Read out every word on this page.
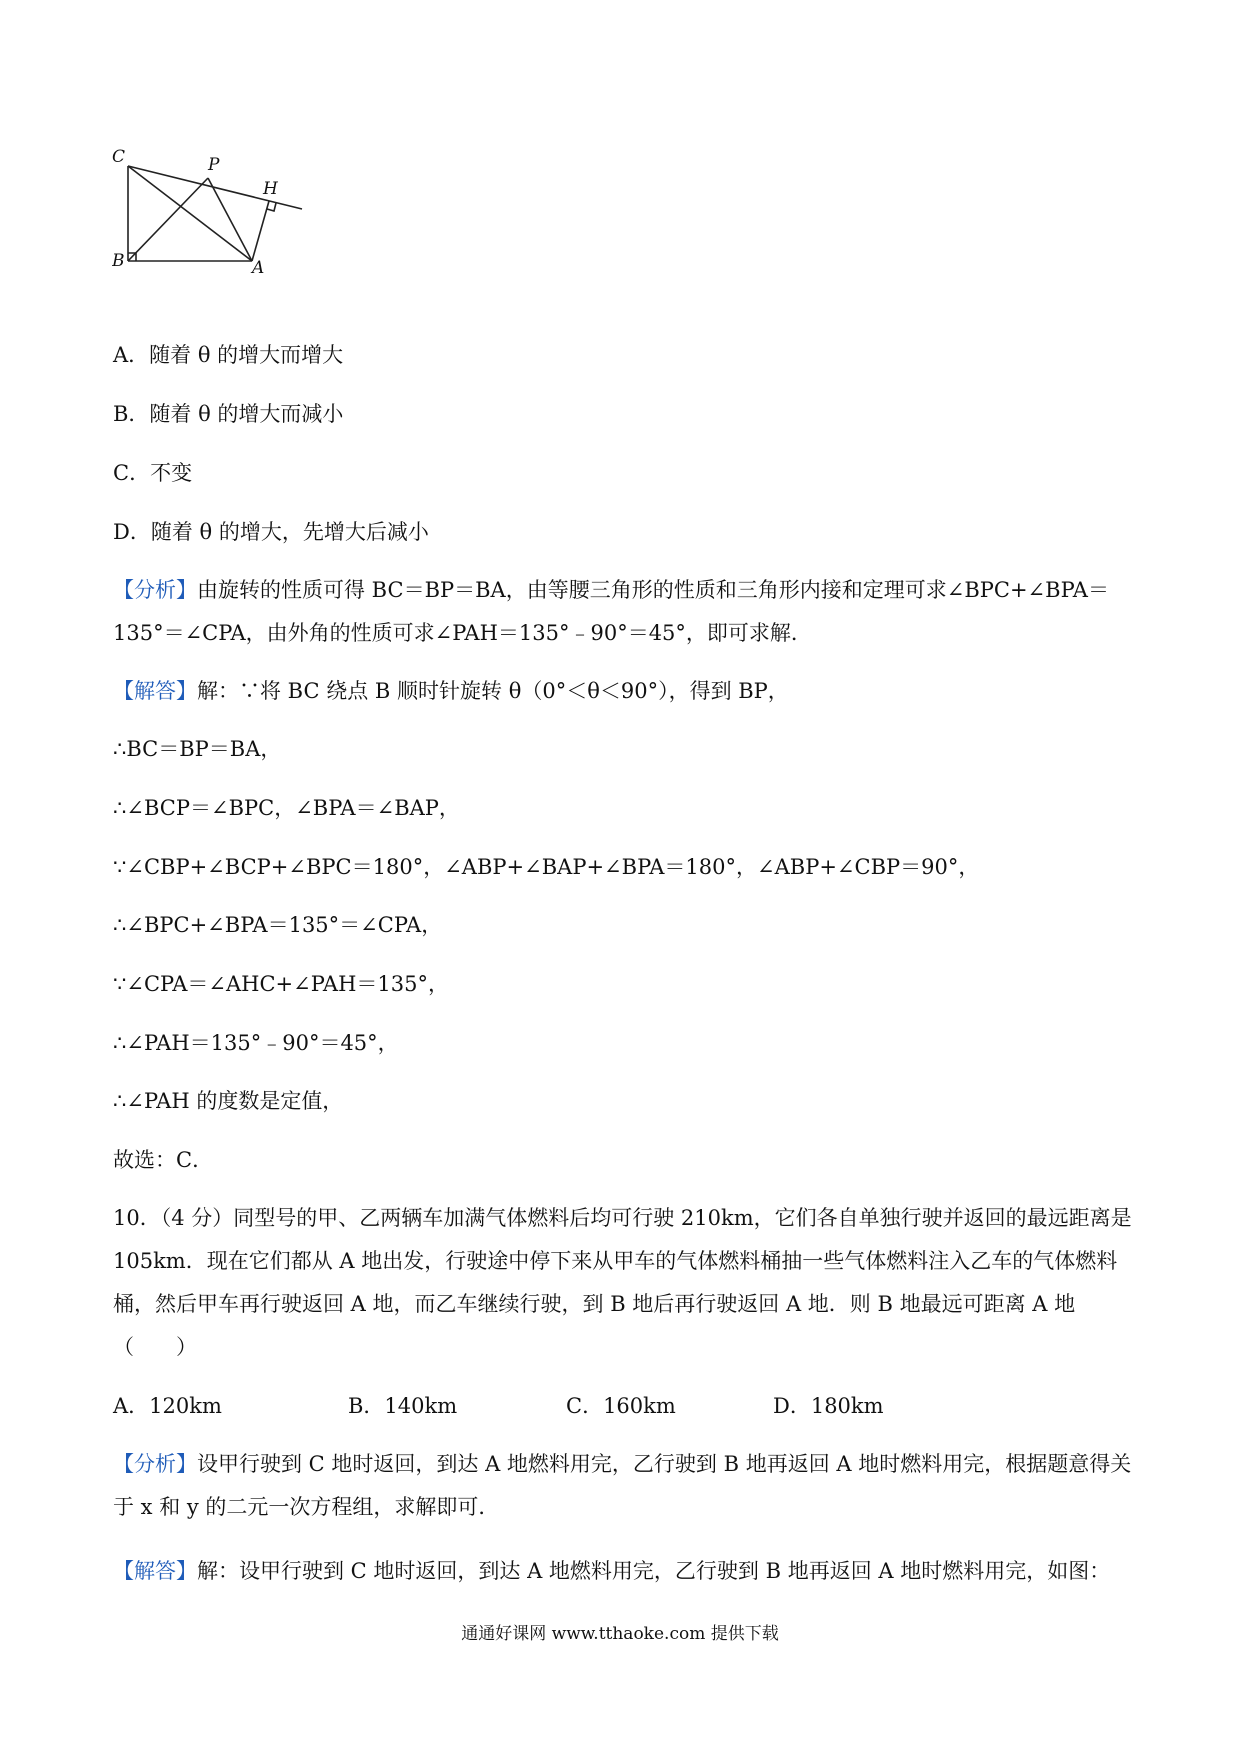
C	P
H
B	A
A．随着 θ 的增大而增大
B．随着 θ 的增大而减小
C．不变
D．随着 θ 的增大，先增大后减小
【分析】由旋转的性质可得 BC＝BP＝BA，由等腰三角形的性质和三角形内接和定理可求∠BPC+∠BPA＝135°＝∠CPA，由外角的性质可求∠PAH＝135°﹣90°＝45°，即可求解．
【解答】解：∵将 BC 绕点 B 顺时针旋转 θ（0°＜θ＜90°），得到 BP，
∴BC＝BP＝BA，
∴∠BCP＝∠BPC，∠BPA＝∠BAP，
∵∠CBP+∠BCP+∠BPC＝180°，∠ABP+∠BAP+∠BPA＝180°，∠ABP+∠CBP＝90°，
∴∠BPC+∠BPA＝135°＝∠CPA，
∵∠CPA＝∠AHC+∠PAH＝135°，
∴∠PAH＝135°﹣90°＝45°，
∴∠PAH 的度数是定值，
故选：C．
10．（4 分）同型号的甲、乙两辆车加满气体燃料后均可行驶 210km，它们各自单独行驶并返回的最远距离是 105km．现在它们都从 A 地出发，行驶途中停下来从甲车的气体燃料桶抽一些气体燃料注入乙车的气体燃料桶，然后甲车再行驶返回 A 地，而乙车继续行驶，到 B 地后再行驶返回 A 地．则 B 地最远可距离 A 地（　　）
A．120km	B．140km	C．160km	D．180km
【分析】设甲行驶到 C 地时返回，到达 A 地燃料用完，乙行驶到 B 地再返回 A 地时燃料用完，根据题意得关于 x 和 y 的二元一次方程组，求解即可．
【解答】解：设甲行驶到 C 地时返回，到达 A 地燃料用完，乙行驶到 B 地再返回 A 地时燃料用完，如图：
通通好课网 www.tthaoke.com 提供下载
